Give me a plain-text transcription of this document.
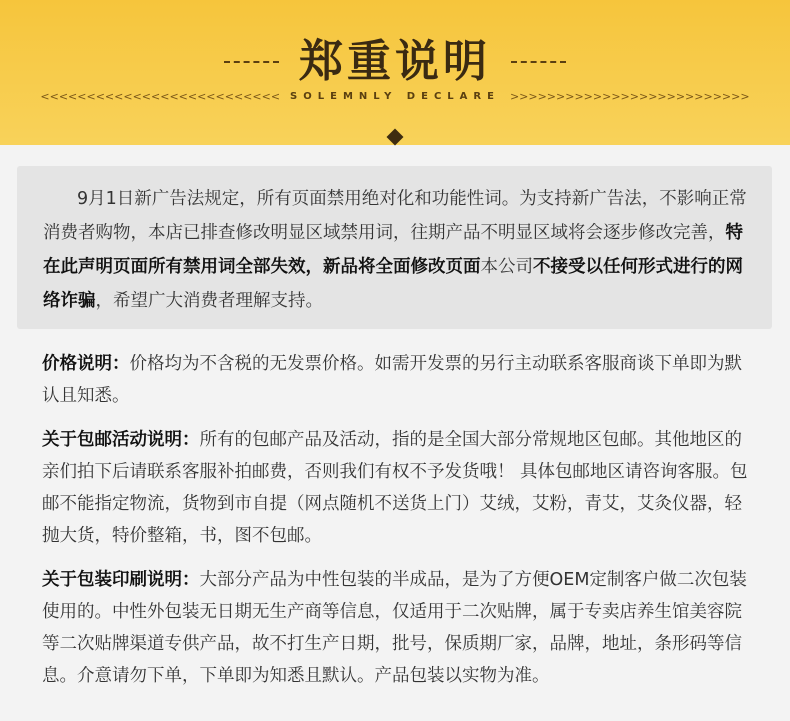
郑重说明
<<<<<<<<<<<<<<<<<<<<<<<<<< SOLEMNLY DECLARE >>>>>>>>>>>>>>>>>>>>>>>>>>

9月1日新广告法规定，所有页面禁用绝对化和功能性词。为支持新广告法，不影响正常消费者购物，本店已排查修改明显区域禁用词，往期产品不明显区域将会逐步修改完善，特在此声明页面所有禁用词全部失效，新品将全面修改页面本公司不接受以任何形式进行的网络诈骗，希望广大消费者理解支持。

价格说明：价格均为不含税的无发票价格。如需开发票的另行主动联系客服商谈下单即为默认且知悉。
关于包邮活动说明：所有的包邮产品及活动，指的是全国大部分常规地区包邮。其他地区的亲们拍下后请联系客服补拍邮费，否则我们有权不予发货哦！ 具体包邮地区请咨询客服。包邮不能指定物流，货物到市自提（网点随机不送货上门）艾绒，艾粉，青艾，艾灸仪器，轻抛大货，特价整箱，书，图不包邮。
关于包装印刷说明：大部分产品为中性包装的半成品，是为了方便OEM定制客户做二次包装使用的。中性外包装无日期无生产商等信息，仅适用于二次贴牌，属于专卖店养生馆美容院等二次贴牌渠道专供产品，故不打生产日期，批号，保质期厂家，品牌，地址，条形码等信息。介意请勿下单，下单即为知悉且默认。产品包装以实物为准。
